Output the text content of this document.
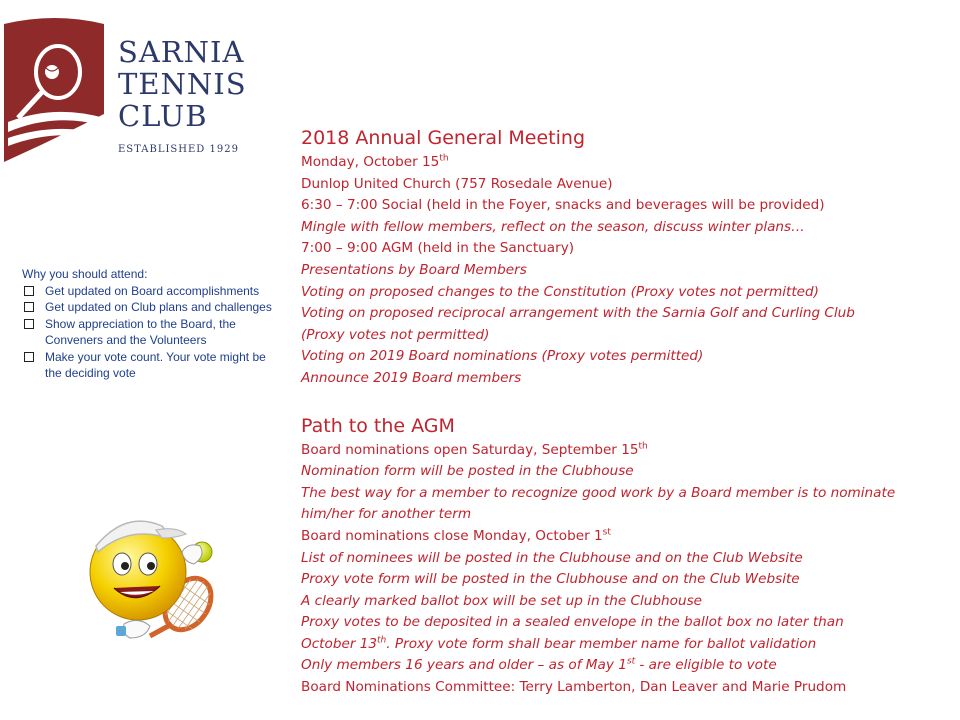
SARNIA
TENNIS
CLUB
ESTABLISHED 1929
Why you should attend:
Get updated on Board accomplishments
Get updated on Club plans and challenges
Show appreciation to the Board, the Conveners and the Volunteers
Make your vote count. Your vote might be the deciding vote
2018 Annual General Meeting
Monday, October 15th
Dunlop United Church (757 Rosedale Avenue)
6:30 – 7:00 Social (held in the Foyer, snacks and beverages will be provided)
Mingle with fellow members, reflect on the season, discuss winter plans…
7:00 – 9:00 AGM (held in the Sanctuary)
Presentations by Board Members
Voting on proposed changes to the Constitution (Proxy votes not permitted)
Voting on proposed reciprocal arrangement with the Sarnia Golf and Curling Club
(Proxy votes not permitted)
Voting on 2019 Board nominations (Proxy votes permitted)
Announce 2019 Board members
Path to the AGM
Board nominations open Saturday, September 15th
Nomination form will be posted in the Clubhouse
The best way for a member to recognize good work by a Board member is to nominate
him/her for another term
Board nominations close Monday, October 1st
List of nominees will be posted in the Clubhouse and on the Club Website
Proxy vote form will be posted in the Clubhouse and on the Club Website
A clearly marked ballot box will be set up in the Clubhouse
Proxy votes to be deposited in a sealed envelope in the ballot box no later than
October 13th. Proxy vote form shall bear member name for ballot validation
Only members 16 years and older – as of May 1st - are eligible to vote
Board Nominations Committee: Terry Lamberton, Dan Leaver and Marie Prudom
